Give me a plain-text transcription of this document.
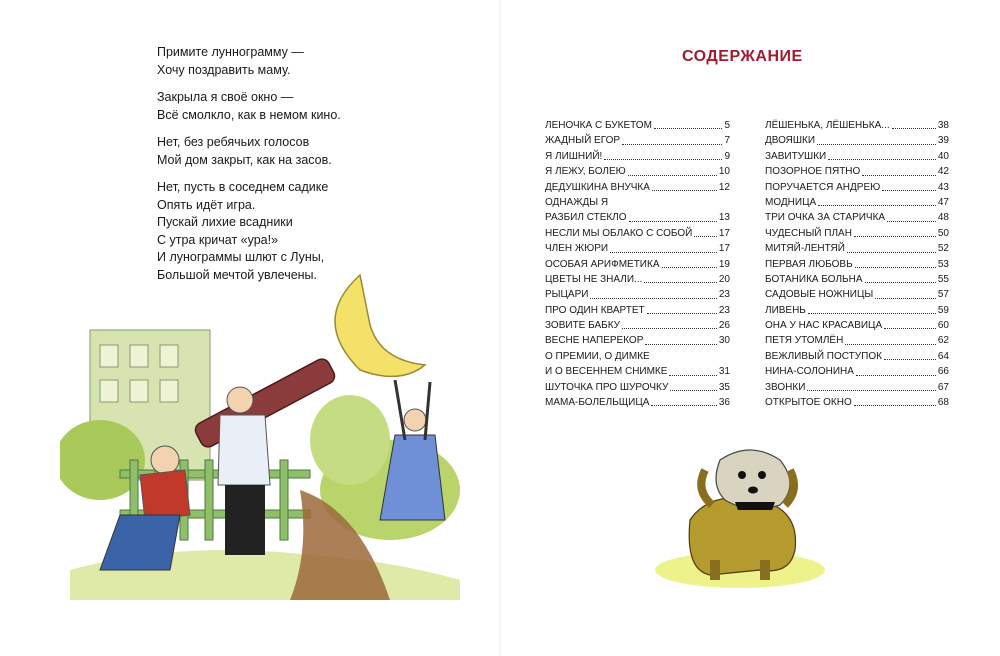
Примите луннограмму —
Хочу поздравить маму.
Закрыла я своё окно —
Всё смолкло, как в немом кино.
Нет, без ребячьих голосов
Мой дом закрыт, как на засов.
Нет, пусть в соседнем садике
Опять идёт игра.
Пускай лихие всадники
С утра кричат «ура!»
И лунограммы шлют с Луны,
Большой мечтой увлечены.
СОДЕРЖАНИЕ
ЛЕНОЧКА С БУКЕТОМ	5
ЖАДНЫЙ ЕГОР	7
Я ЛИШНИЙ!	9
Я ЛЕЖУ, БОЛЕЮ	10
ДЕДУШКИНА ВНУЧКА	12
ОДНАЖДЫ Я
РАЗБИЛ СТЕКЛО	13
НЕСЛИ МЫ ОБЛАКО С СОБОЙ	17
ЧЛЕН ЖЮРИ	17
ОСОБАЯ АРИФМЕТИКА	19
ЦВЕТЫ НЕ ЗНАЛИ...	20
РЫЦАРИ	23
ПРО ОДИН КВАРТЕТ	23
ЗОВИТЕ БАБКУ	26
ВЕСНЕ НАПЕРЕКОР	30
О ПРЕМИИ, О ДИМКЕ
И О ВЕСЕННЕМ СНИМКЕ	31
ШУТОЧКА ПРО ШУРОЧКУ	35
МАМА-БОЛЕЛЬЩИЦА	36
ЛЁШЕНЬКА, ЛЁШЕНЬКА...	38
ДВОЯШКИ	39
ЗАВИТУШКИ	40
ПОЗОРНОЕ ПЯТНО	42
ПОРУЧАЕТСЯ АНДРЕЮ	43
МОДНИЦА	47
ТРИ ОЧКА ЗА СТАРИЧКА	48
ЧУДЕСНЫЙ ПЛАН	50
МИТЯЙ-ЛЕНТЯЙ	52
ПЕРВАЯ ЛЮБОВЬ	53
БОТАНИКА БОЛЬНА	55
САДОВЫЕ НОЖНИЦЫ	57
ЛИВЕНЬ	59
ОНА У НАС КРАСАВИЦА	60
ПЕТЯ УТОМЛЁН	62
ВЕЖЛИВЫЙ ПОСТУПОК	64
НИНА-СОЛОНИНА	66
ЗВОНКИ	67
ОТКРЫТОЕ ОКНО	68
